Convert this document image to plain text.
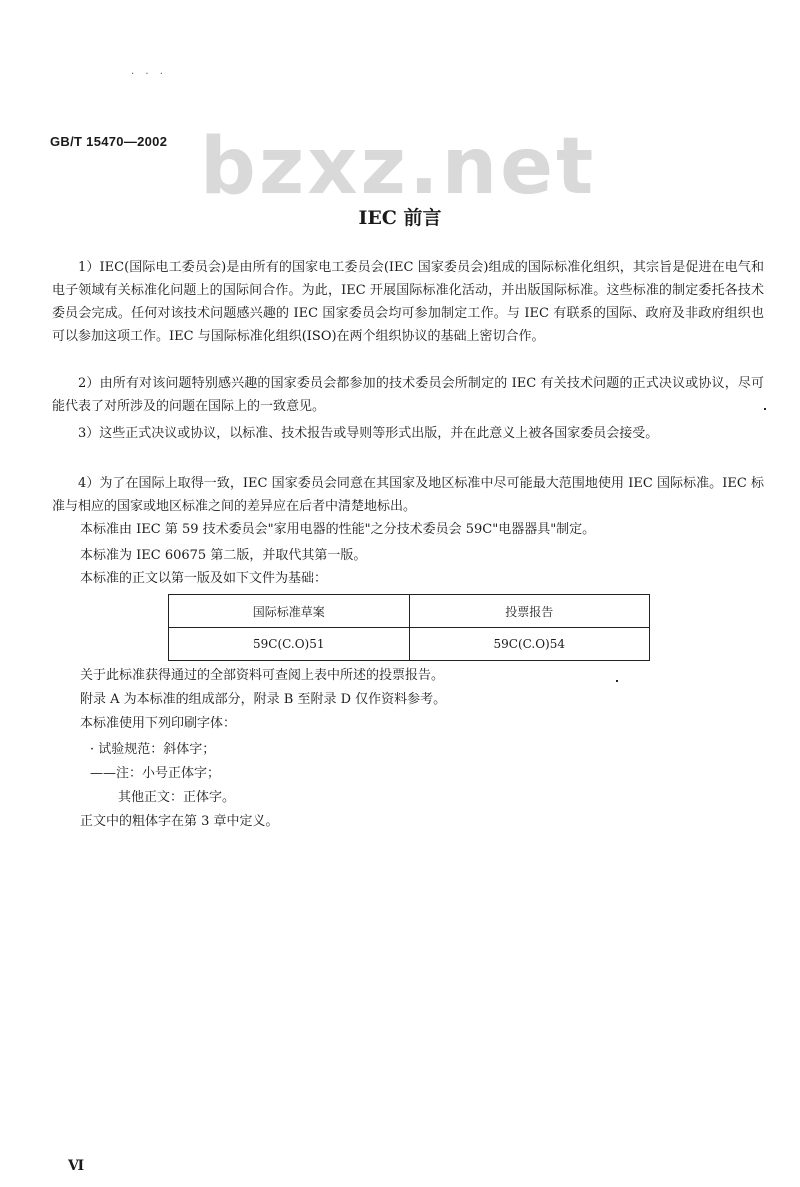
. . .
bzxz.net
GB/T 15470—2002
IEC 前言
1）IEC(国际电工委员会)是由所有的国家电工委员会(IEC 国家委员会)组成的国际标准化组织，其宗旨是促进在电气和电子领域有关标准化问题上的国际间合作。为此，IEC 开展国际标准化活动，并出版国际标准。这些标准的制定委托各技术委员会完成。任何对该技术问题感兴趣的 IEC 国家委员会均可参加制定工作。与 IEC 有联系的国际、政府及非政府组织也可以参加这项工作。IEC 与国际标准化组织(ISO)在两个组织协议的基础上密切合作。
2）由所有对该问题特别感兴趣的国家委员会都参加的技术委员会所制定的 IEC 有关技术问题的正式决议或协议，尽可能代表了对所涉及的问题在国际上的一致意见。
3）这些正式决议或协议，以标准、技术报告或导则等形式出版，并在此意义上被各国家委员会接受。
4）为了在国际上取得一致，IEC 国家委员会同意在其国家及地区标准中尽可能最大范围地使用 IEC 国际标准。IEC 标准与相应的国家或地区标准之间的差异应在后者中清楚地标出。
本标准由 IEC 第 59 技术委员会"家用电器的性能"之分技术委员会 59C"电器器具"制定。
本标准为 IEC 60675 第二版，并取代其第一版。
本标准的正文以第一版及如下文件为基础：
国际标准草案	投票报告
59C(C.O)51	59C(C.O)54
关于此标准获得通过的全部资料可查阅上表中所述的投票报告。
附录 A 为本标准的组成部分，附录 B 至附录 D 仅作资料参考。
本标准使用下列印刷字体：
· 试验规范：斜体字；
——注：小号正体字；
其他正文：正体字。
正文中的粗体字在第 3 章中定义。
Ⅵ
